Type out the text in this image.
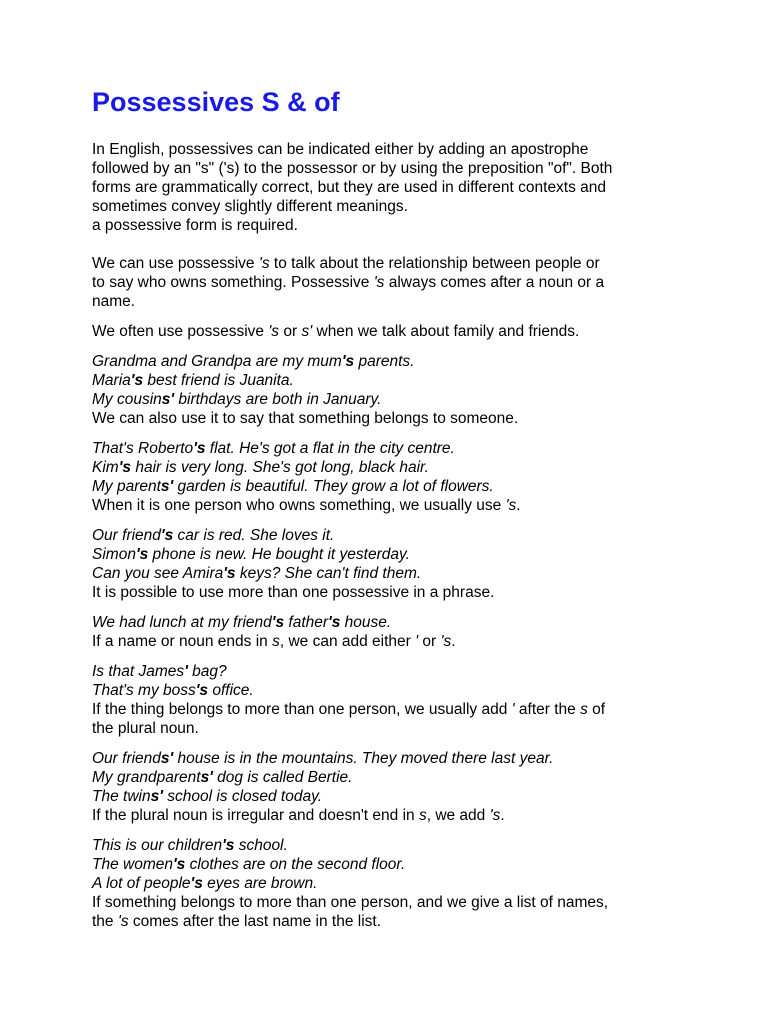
Possessives S & of

In English, possessives can be indicated either by adding an apostrophe

followed by an "s" ('s) to the possessor or by using the preposition "of". Both

forms are grammatically correct, but they are used in different contexts and

sometimes convey slightly different meanings.

a possessive form is required.

We can use possessive 's to talk about the relationship between people or

to say who owns something. Possessive 's always comes after a noun or a

name.

We often use possessive 's or s' when we talk about family and friends.

Grandma and Grandpa are my mum's parents.

Maria's best friend is Juanita.

My cousins' birthdays are both in January.

We can also use it to say that something belongs to someone.

That's Roberto's flat. He's got a flat in the city centre.

Kim's hair is very long. She's got long, black hair.

My parents' garden is beautiful. They grow a lot of flowers.

When it is one person who owns something, we usually use 's.

Our friend's car is red. She loves it.

Simon's phone is new. He bought it yesterday.

Can you see Amira's keys? She can't find them.

It is possible to use more than one possessive in a phrase.

We had lunch at my friend's father's house.

If a name or noun ends in s, we can add either ' or 's.

Is that James' bag?

That's my boss's office.

If the thing belongs to more than one person, we usually add ' after the s of

the plural noun.

Our friends' house is in the mountains. They moved there last year.

My grandparents' dog is called Bertie.

The twins' school is closed today.

If the plural noun is irregular and doesn't end in s, we add 's.

This is our children's school.

The women's clothes are on the second floor.

A lot of people's eyes are brown.

If something belongs to more than one person, and we give a list of names,

the 's comes after the last name in the list.
